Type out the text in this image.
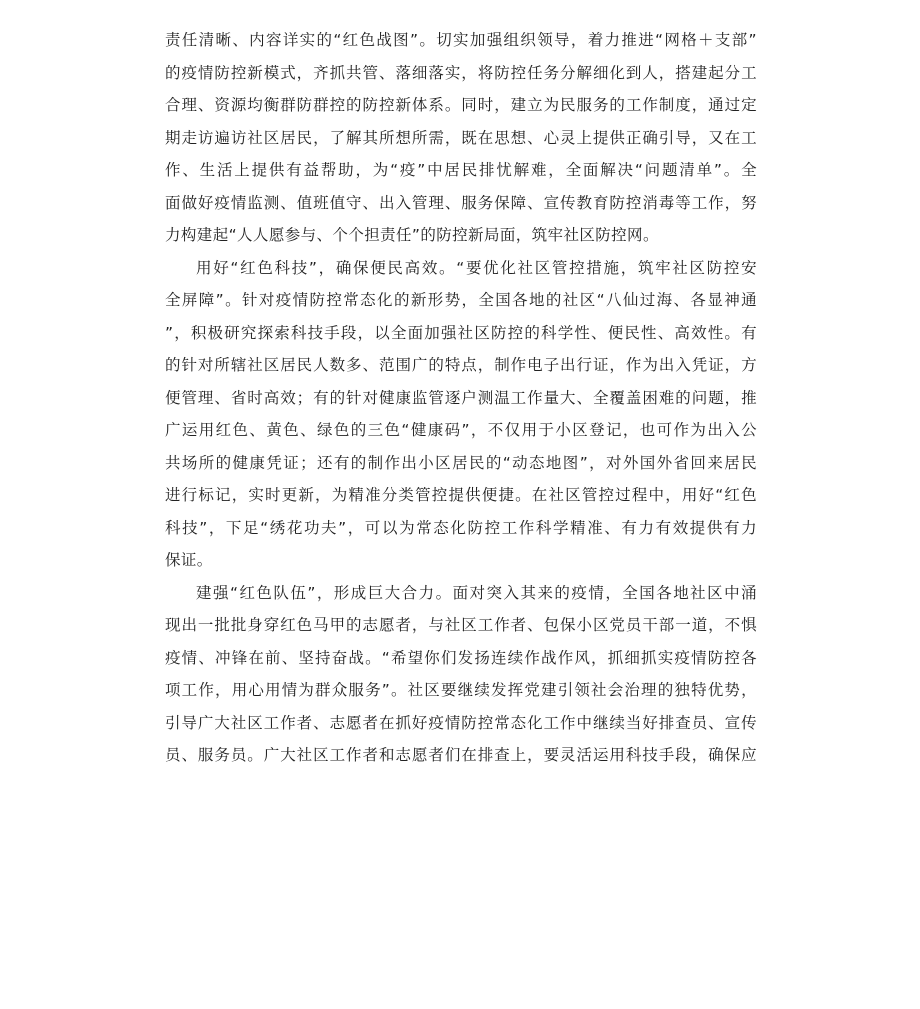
责任清晰、内容详实的“红色战图”。切实加强组织领导，着力推进“网格＋支部”
的疫情防控新模式，齐抓共管、落细落实，将防控任务分解细化到人，搭建起分工
合理、资源均衡群防群控的防控新体系。同时，建立为民服务的工作制度，通过定
期走访遍访社区居民，了解其所想所需，既在思想、心灵上提供正确引导，又在工
作、生活上提供有益帮助，为“疫”中居民排忧解难，全面解决“问题清单”。全
面做好疫情监测、值班值守、出入管理、服务保障、宣传教育防控消毒等工作，努
力构建起“人人愿参与、个个担责任”的防控新局面，筑牢社区防控网。
用好“红色科技”，确保便民高效。“要优化社区管控措施，筑牢社区防控安
全屏障”。针对疫情防控常态化的新形势，全国各地的社区“八仙过海、各显神通
”，积极研究探索科技手段，以全面加强社区防控的科学性、便民性、高效性。有
的针对所辖社区居民人数多、范围广的特点，制作电子出行证，作为出入凭证，方
便管理、省时高效；有的针对健康监管逐户测温工作量大、全覆盖困难的问题，推
广运用红色、黄色、绿色的三色“健康码”，不仅用于小区登记，也可作为出入公
共场所的健康凭证；还有的制作出小区居民的“动态地图”，对外国外省回来居民
进行标记，实时更新，为精准分类管控提供便捷。在社区管控过程中，用好“红色
科技”，下足“绣花功夫”，可以为常态化防控工作科学精准、有力有效提供有力
保证。
建强“红色队伍”，形成巨大合力。面对突入其来的疫情，全国各地社区中涌
现出一批批身穿红色马甲的志愿者，与社区工作者、包保小区党员干部一道，不惧
疫情、冲锋在前、坚持奋战。“希望你们发扬连续作战作风，抓细抓实疫情防控各
项工作，用心用情为群众服务”。社区要继续发挥党建引领社会治理的独特优势，
引导广大社区工作者、志愿者在抓好疫情防控常态化工作中继续当好排查员、宣传
员、服务员。广大社区工作者和志愿者们在排查上，要灵活运用科技手段，确保应
